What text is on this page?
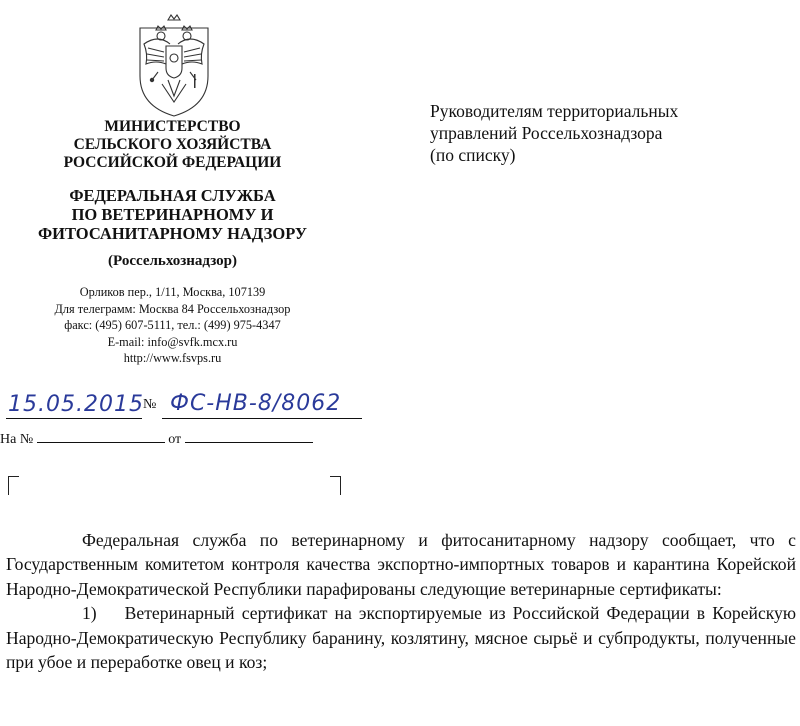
МИНИСТЕРСТВО
СЕЛЬСКОГО ХОЗЯЙСТВА
РОССИЙСКОЙ ФЕДЕРАЦИИ
ФЕДЕРАЛЬНАЯ СЛУЖБА
ПО ВЕТЕРИНАРНОМУ И
ФИТОСАНИТАРНОМУ НАДЗОРУ
(Россельхознадзор)
Орликов пер., 1/11, Москва, 107139
Для телеграмм: Москва 84 Россельхознадзор
факс: (495) 607-5111, тел.: (499) 975-4347
E-mail: info@svfk.mcx.ru
http://www.fsvps.ru
Руководителям территориальных
управлений Россельхознадзора
(по списку)
15.05.2015 № ФС-НВ-8/8062
На №	от

Федеральная служба по ветеринарному и фитосанитарному надзору сообщает, что с Государственным комитетом контроля качества экспортно-импортных товаров и карантина Корейской Народно-Демократической Республики парафированы следующие ветеринарные сертификаты:

1) Ветеринарный сертификат на экспортируемые из Российской Федерации в Корейскую Народно-Демократическую Республику баранину, козлятину, мясное сырьё и субпродукты, полученные при убое и переработке овец и коз;
